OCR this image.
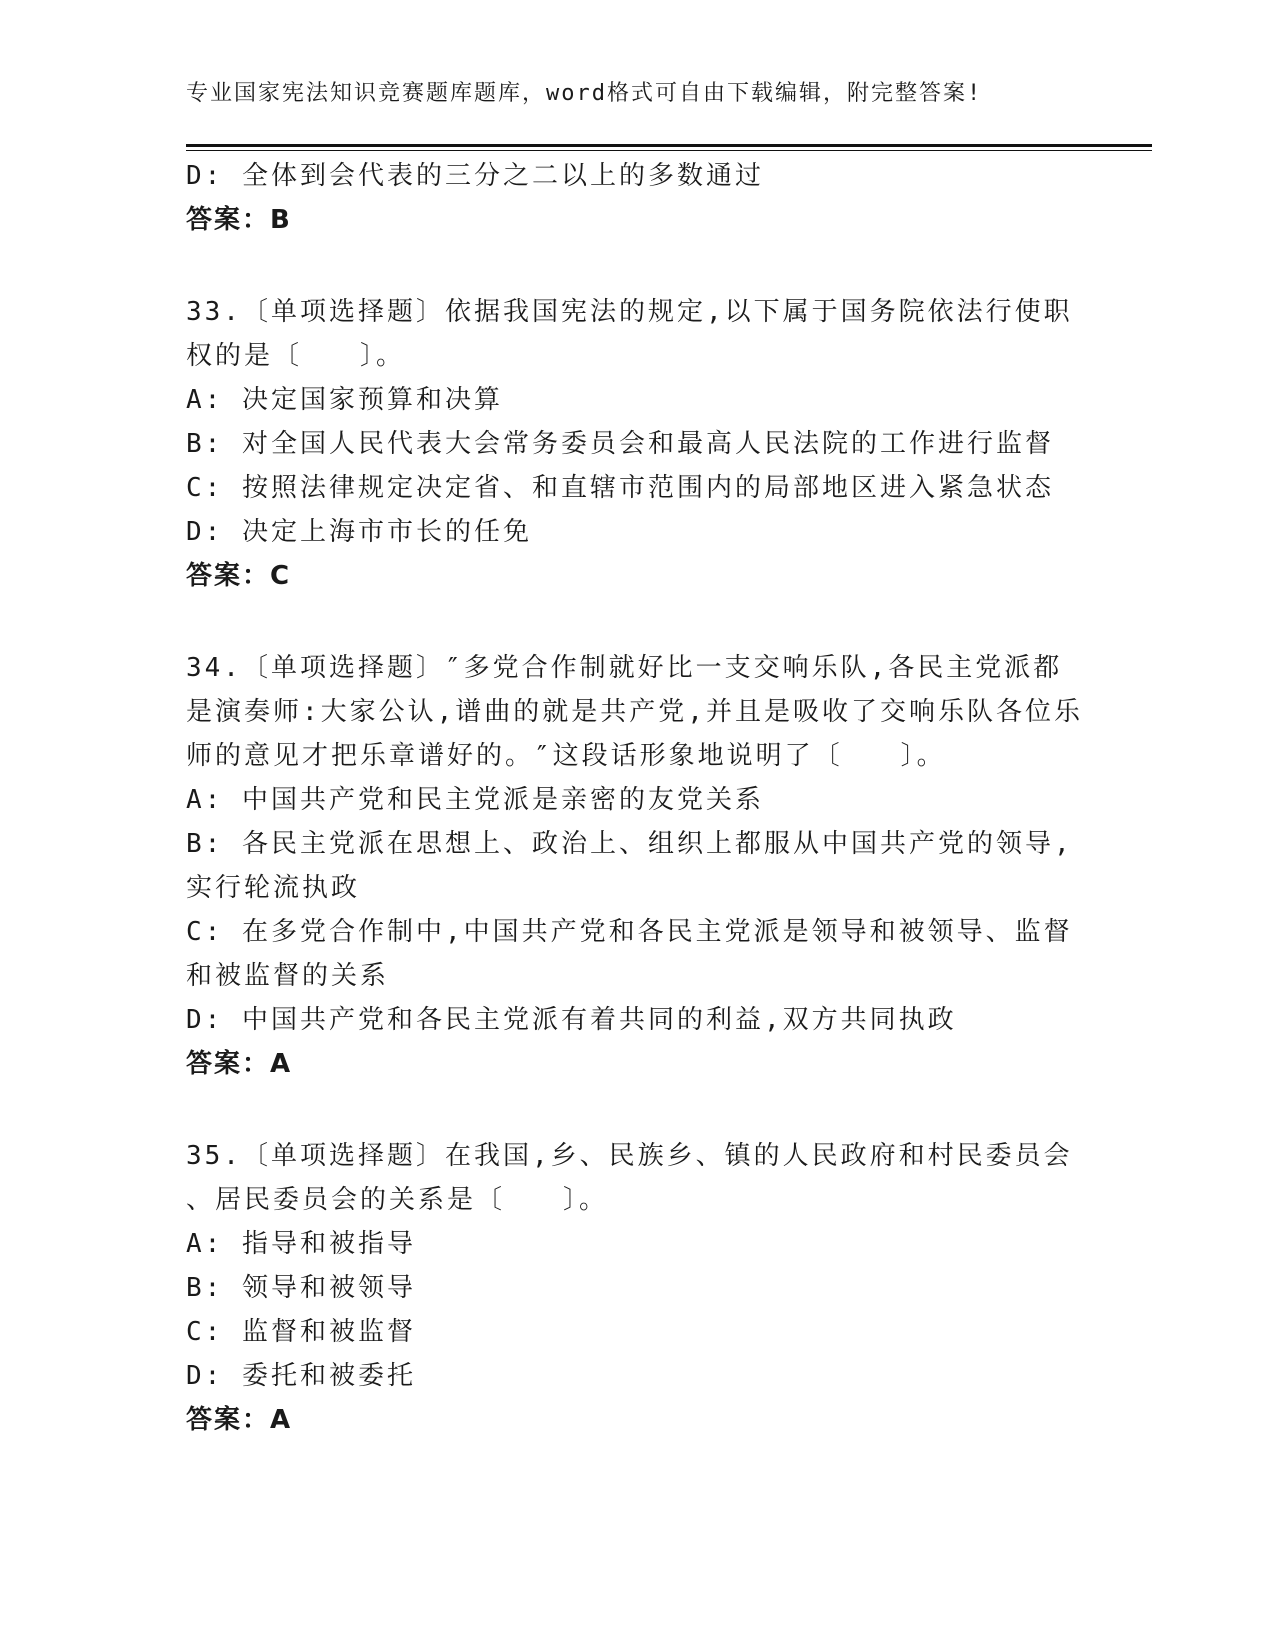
专业国家宪法知识竞赛题库题库，word格式可自由下载编辑，附完整答案!
D: 全体到会代表的三分之二以上的多数通过
答案：B
33.〔单项选择题〕依据我国宪法的规定,以下属于国务院依法行使职
权的是〔　　〕。
A: 决定国家预算和决算
B: 对全国人民代表大会常务委员会和最高人民法院的工作进行监督
C: 按照法律规定决定省、和直辖市范围内的局部地区进入紧急状态
D: 决定上海市市长的任免
答案：C
34.〔单项选择题〕″多党合作制就好比一支交响乐队,各民主党派都
是演奏师:大家公认,谱曲的就是共产党,并且是吸收了交响乐队各位乐
师的意见才把乐章谱好的。″这段话形象地说明了〔　　〕。
A: 中国共产党和民主党派是亲密的友党关系
B: 各民主党派在思想上、政治上、组织上都服从中国共产党的领导,
实行轮流执政
C: 在多党合作制中,中国共产党和各民主党派是领导和被领导、监督
和被监督的关系
D: 中国共产党和各民主党派有着共同的利益,双方共同执政
答案：A
35.〔单项选择题〕在我国,乡、民族乡、镇的人民政府和村民委员会
、居民委员会的关系是〔　　〕。
A: 指导和被指导
B: 领导和被领导
C: 监督和被监督
D: 委托和被委托
答案：A
